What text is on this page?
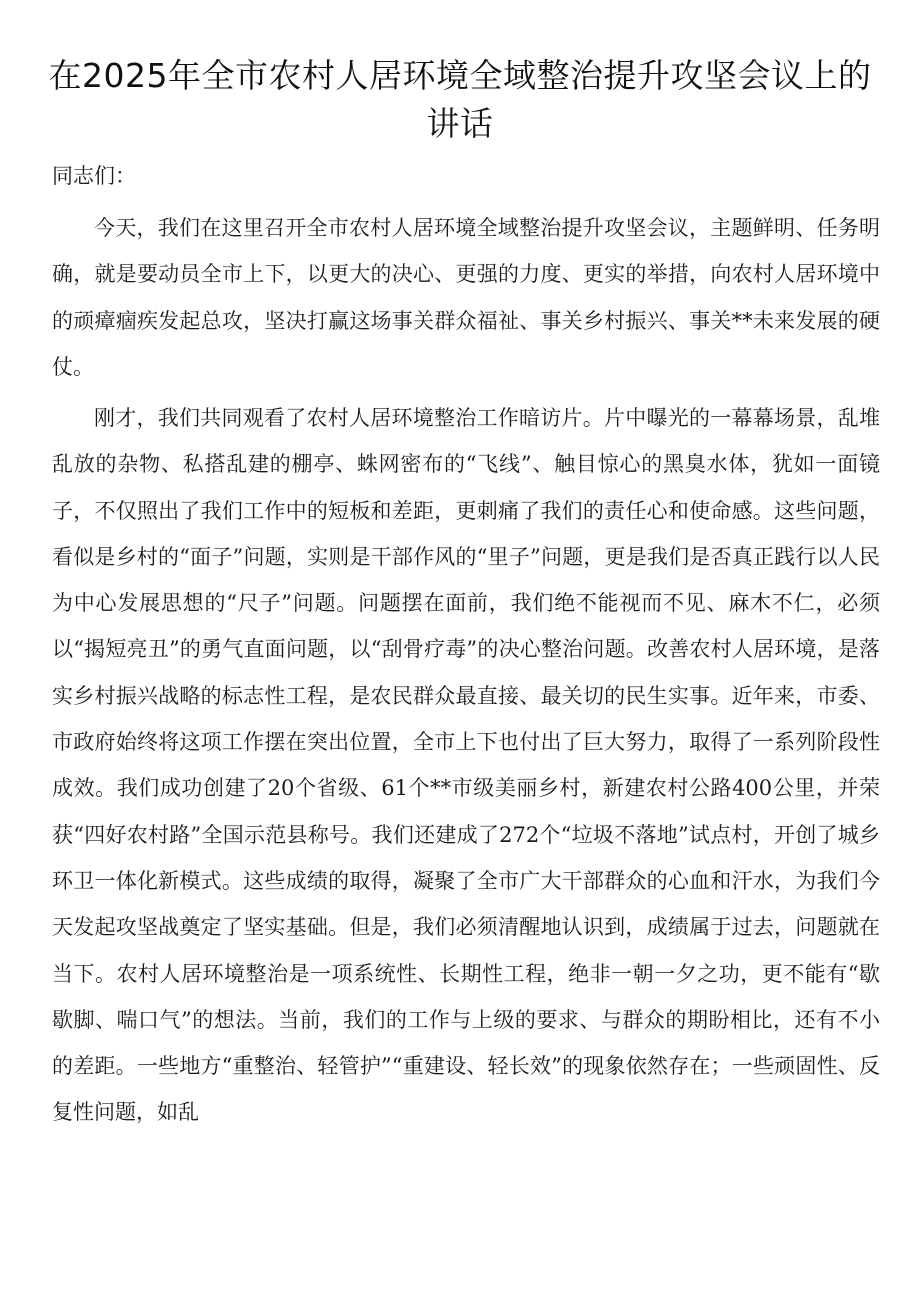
在2025年全市农村人居环境全域整治提升攻坚会议上的讲话

同志们：

今天，我们在这里召开全市农村人居环境全域整治提升攻坚会议，主题鲜明、任务明确，就是要动员全市上下，以更大的决心、更强的力度、更实的举措，向农村人居环境中的顽瘴痼疾发起总攻，坚决打赢这场事关群众福祉、事关乡村振兴、事关**未来发展的硬仗。

刚才，我们共同观看了农村人居环境整治工作暗访片。片中曝光的一幕幕场景，乱堆乱放的杂物、私搭乱建的棚亭、蛛网密布的“飞线”、触目惊心的黑臭水体，犹如一面镜子，不仅照出了我们工作中的短板和差距，更刺痛了我们的责任心和使命感。这些问题，看似是乡村的“面子”问题，实则是干部作风的“里子”问题，更是我们是否真正践行以人民为中心发展思想的“尺子”问题。问题摆在面前，我们绝不能视而不见、麻木不仁，必须以“揭短亮丑”的勇气直面问题，以“刮骨疗毒”的决心整治问题。改善农村人居环境，是落实乡村振兴战略的标志性工程，是农民群众最直接、最关切的民生实事。近年来，市委、市政府始终将这项工作摆在突出位置，全市上下也付出了巨大努力，取得了一系列阶段性成效。我们成功创建了20个省级、61个**市级美丽乡村，新建农村公路400公里，并荣获“四好农村路”全国示范县称号。我们还建成了272个“垃圾不落地”试点村，开创了城乡环卫一体化新模式。这些成绩的取得，凝聚了全市广大干部群众的心血和汗水，为我们今天发起攻坚战奠定了坚实基础。但是，我们必须清醒地认识到，成绩属于过去，问题就在当下。农村人居环境整治是一项系统性、长期性工程，绝非一朝一夕之功，更不能有“歇歇脚、喘口气”的想法。当前，我们的工作与上级的要求、与群众的期盼相比，还有不小的差距。一些地方“重整治、轻管护”“重建设、轻长效”的现象依然存在；一些顽固性、反复性问题，如乱
